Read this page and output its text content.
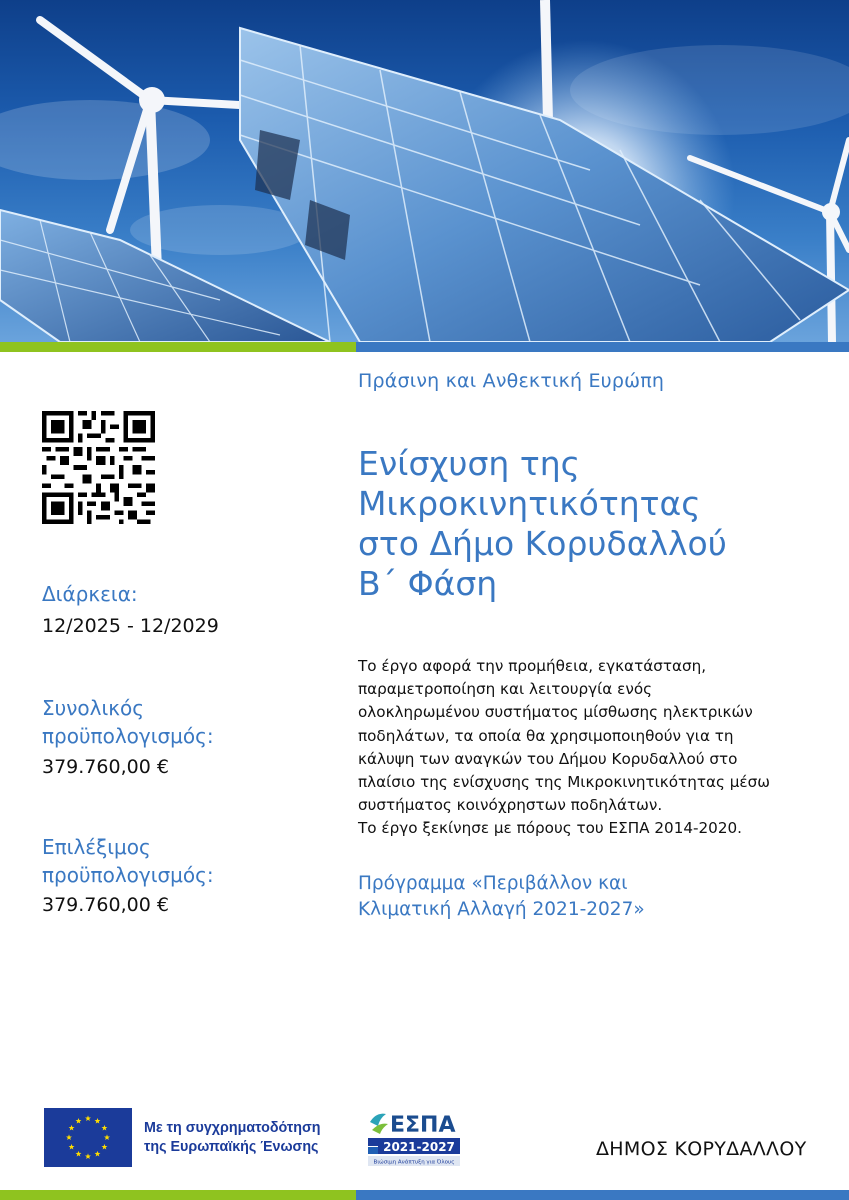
Πράσινη και Ανθεκτική Ευρώπη
Ενίσχυση της
Μικροκινητικότητας
στο Δήμο Κορυδαλλού
Β΄ Φάση

Το έργο αφορά την προμήθεια, εγκατάσταση,

παραμετροποίηση και λειτουργία ενός

ολοκληρωμένου συστήματος μίσθωσης ηλεκτρικών

ποδηλάτων, τα οποία θα χρησιμοποιηθούν για τη

κάλυψη των αναγκών του Δήμου Κορυδαλλού στο

πλαίσιο της ενίσχυσης της Μικροκινητικότητας μέσω

συστήματος κοινόχρηστων ποδηλάτων.

Το έργο ξεκίνησε με πόρους του ΕΣΠΑ 2014-2020.

Πρόγραμμα «Περιβάλλον και
Κλιματική Αλλαγή 2021-2027»
Διάρκεια:
12/2025 - 12/2029
Συνολικός
προϋπολογισμός:
379.760,00 €
Επιλέξιμος
προϋπολογισμός:
379.760,00 €
Με τη συγχρηματοδότηση
της Ευρωπαϊκής Ένωσης
ΕΣΠΑ
2021-2027
Βιώσιμη Ανάπτυξη για Όλους
ΔΗΜΟΣ ΚΟΡΥΔΑΛΛΟΥ
